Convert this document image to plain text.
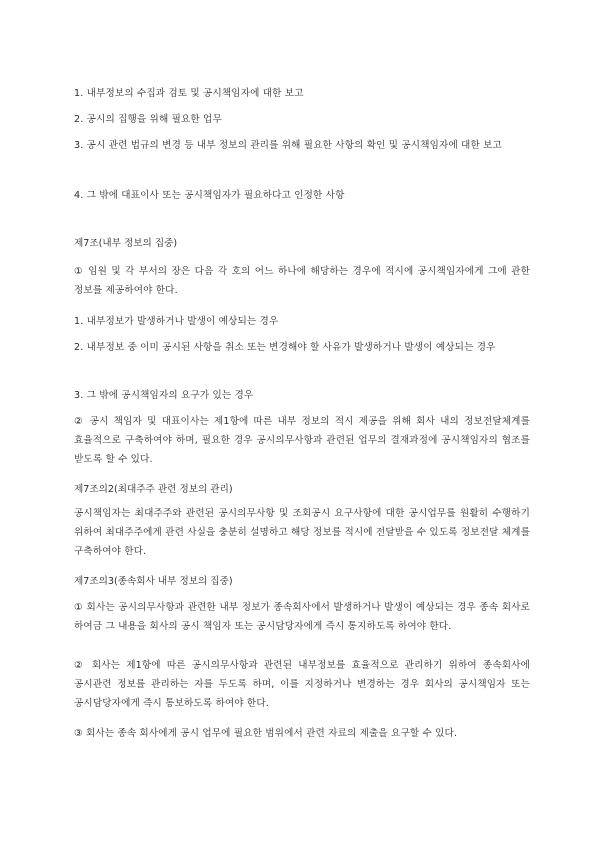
1. 내부정보의 수집과 검토 및 공시책임자에 대한 보고

2. 공시의 집행을 위해 필요한 업무

3. 공시 관련 법규의 변경 등 내부 정보의 관리를 위해 필요한 사항의 확인 및 공시책임자에 대한 보고

4. 그 밖에 대표이사 또는 공시책임자가 필요하다고 인정한 사항

제7조(내부 정보의 집중)

① 임원 및 각 부서의 장은 다음 각 호의 어느 하나에 해당하는 경우에 적시에 공시책임자에게 그에 관한 정보를 제공하여야 한다.

1. 내부정보가 발생하거나 발생이 예상되는 경우

2. 내부정보 중 이미 공시된 사항을 취소 또는 변경해야 할 사유가 발생하거나 발생이 예상되는 경우

3. 그 밖에 공시책임자의 요구가 있는 경우

② 공시 책임자 및 대표이사는 제1항에 따른 내부 정보의 적시 제공을 위해 회사 내의 정보전달체계를 효율적으로 구축하여야 하며, 필요한 경우 공시의무사항과 관련된 업무의 결재과정에 공시책임자의 협조를 받도록 할 수 있다.

제7조의2(최대주주 관련 정보의 관리)

공시책임자는 최대주주와 관련된 공시의무사항 및 조회공시 요구사항에 대한 공시업무를 원활히 수행하기 위하여 최대주주에게 관련 사실을 충분히 설명하고 해당 정보를 적시에 전달받을 수 있도록 정보전달 체계를 구축하여야 한다.

제7조의3(종속회사 내부 정보의 집중)

① 회사는 공시의무사항과 관련한 내부 정보가 종속회사에서 발생하거나 발생이 예상되는 경우 종속 회사로 하여금 그 내용을 회사의 공시 책임자 또는 공시담당자에게 즉시 통지하도록 하여야 한다.

② 회사는 제1항에 따른 공시의무사항과 관련된 내부정보를 효율적으로 관리하기 위하여 종속회사에 공시관련 정보를 관리하는 자를 두도록 하며, 이를 지정하거나 변경하는 경우 회사의 공시책임자 또는 공시담당자에게 즉시 통보하도록 하여야 한다.

③ 회사는 종속 회사에게 공시 업무에 필요한 범위에서 관련 자료의 제출을 요구할 수 있다.
